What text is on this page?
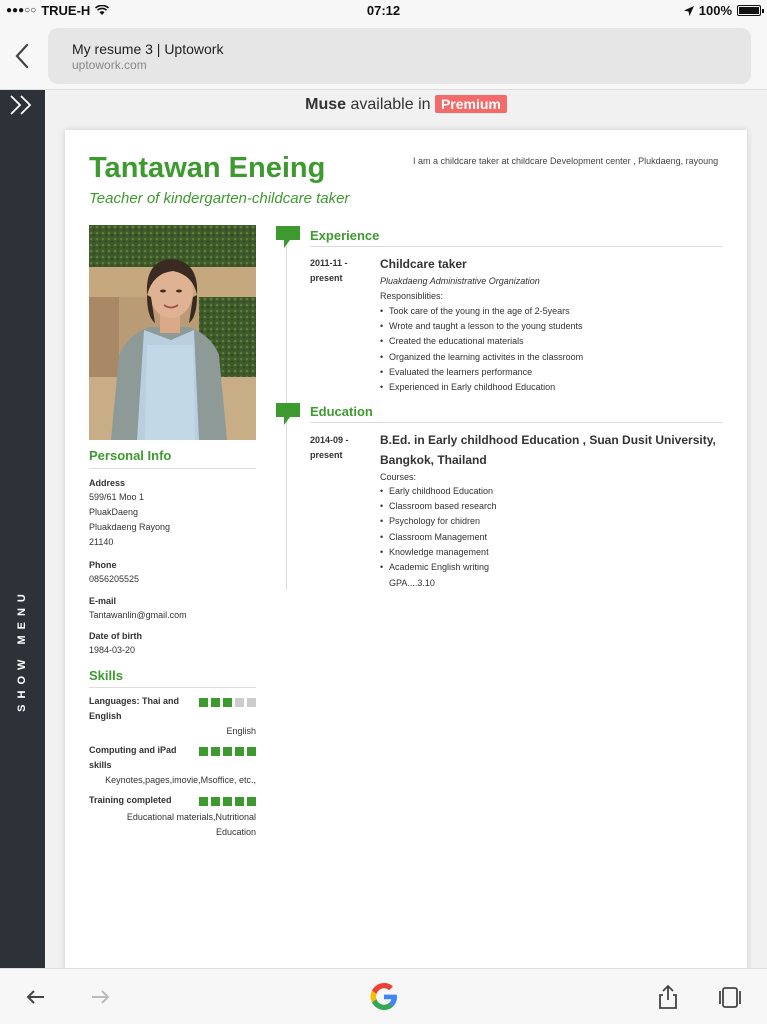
●●●○○ TRUE-H	07:12	100%
My resume 3 | Uptowork
uptowork.com
SHOW MENU
Muse available in Premium
Tantawan Eneing
Teacher of kindergarten-childcare taker
I am a childcare taker at childcare Development center , Plukdaeng, rayoung
Personal Info
Address
599/61 Moo 1
PluakDaeng
Pluakdaeng Rayong
21140
Phone
0856205525
E-mail
Tantawanlin@gmail.com
Date of birth
1984-03-20
Skills
Languages: Thai and English
English
Computing and iPad skills
Keynotes,pages,imovie,Msoffice, etc.,
Training completed
Educational materials,Nutritional Education
Experience
2011-11 -
present
Childcare taker
Pluakdaeng Administrative Organization
Responsiblities:
• Took care of the young in the age of 2-5years
• Wrote and taught a lesson to the young students
• Created the educational materials
• Organized the learning activites in the classroom
• Evaluated the learners performance
• Experienced in Early childhood Education
Education
2014-09 -
present
B.Ed. in Early childhood Education , Suan Dusit University, Bangkok, Thailand
Courses:
• Early childhood Education
• Classroom based research
• Psychology for chidren
• Classroom Management
• Knowledge management
• Academic English writing
GPA....3.10
